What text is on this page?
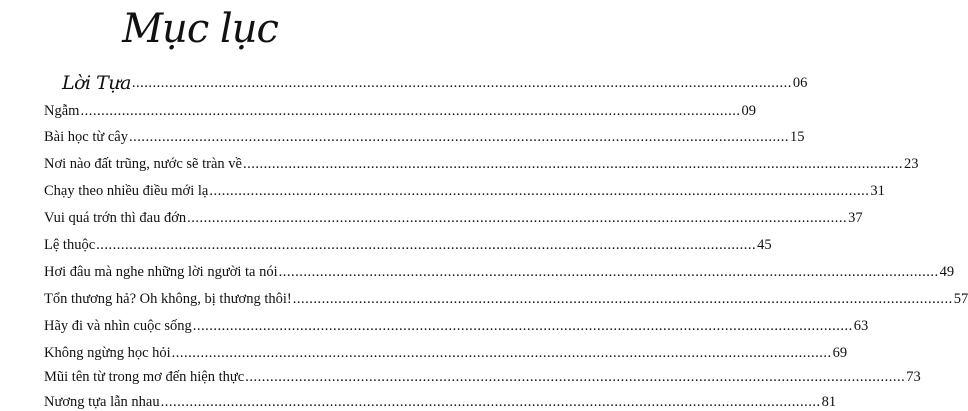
Mục lục
Lời Tựa ................................................................................................................................................................ 06
Ngẫm ................................................................................................................................................................ 09
Bài học từ cây ................................................................................................................................................................ 15
Nơi nào đất trũng, nước sẽ tràn về ................................................................................................................................................................ 23
Chạy theo nhiều điều mới lạ ................................................................................................................................................................ 31
Vui quá trớn thì đau đớn ................................................................................................................................................................ 37
Lệ thuộc ................................................................................................................................................................ 45
Hơi đâu mà nghe những lời người ta nói ................................................................................................................................................................ 49
Tổn thương hả? Oh không, bị thương thôi! ................................................................................................................................................................ 57
Hãy đi và nhìn cuộc sống ................................................................................................................................................................ 63
Không ngừng học hỏi ................................................................................................................................................................ 69
Mũi tên từ trong mơ đến hiện thực ................................................................................................................................................................ 73
Nương tựa lẫn nhau ................................................................................................................................................................ 81
